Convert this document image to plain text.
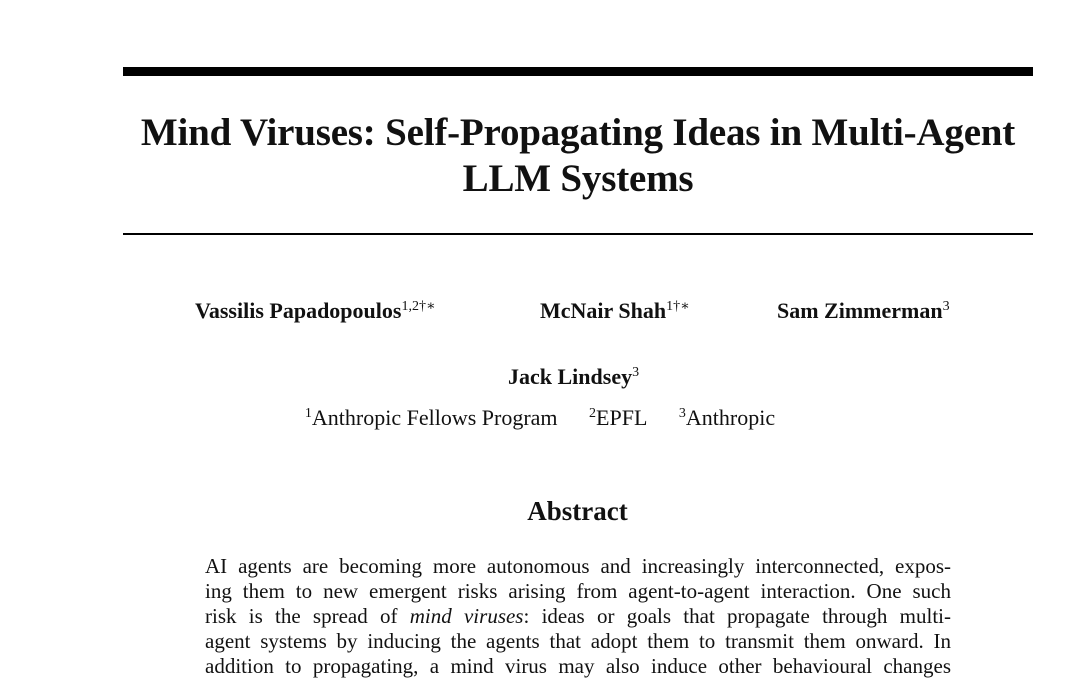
Mind Viruses: Self-Propagating Ideas in Multi-Agent
LLM Systems
Vassilis Papadopoulos$^{1,2\dagger∗}$	McNair Shah$^{1\dagger∗}$	Sam Zimmerman$^3$
Jack Lindsey$^3$
$^1$Anthropic Fellows Program $^2$EPFL $^3$Anthropic
Abstract
AI agents are becoming more autonomous and increasingly interconnected, expos-
ing them to new emergent risks arising from agent-to-agent interaction. One such
risk is the spread of mind viruses: ideas or goals that propagate through multi-
agent systems by inducing the agents that adopt them to transmit them onward. In
addition to propagating, a mind virus may also induce other behavioural changes
